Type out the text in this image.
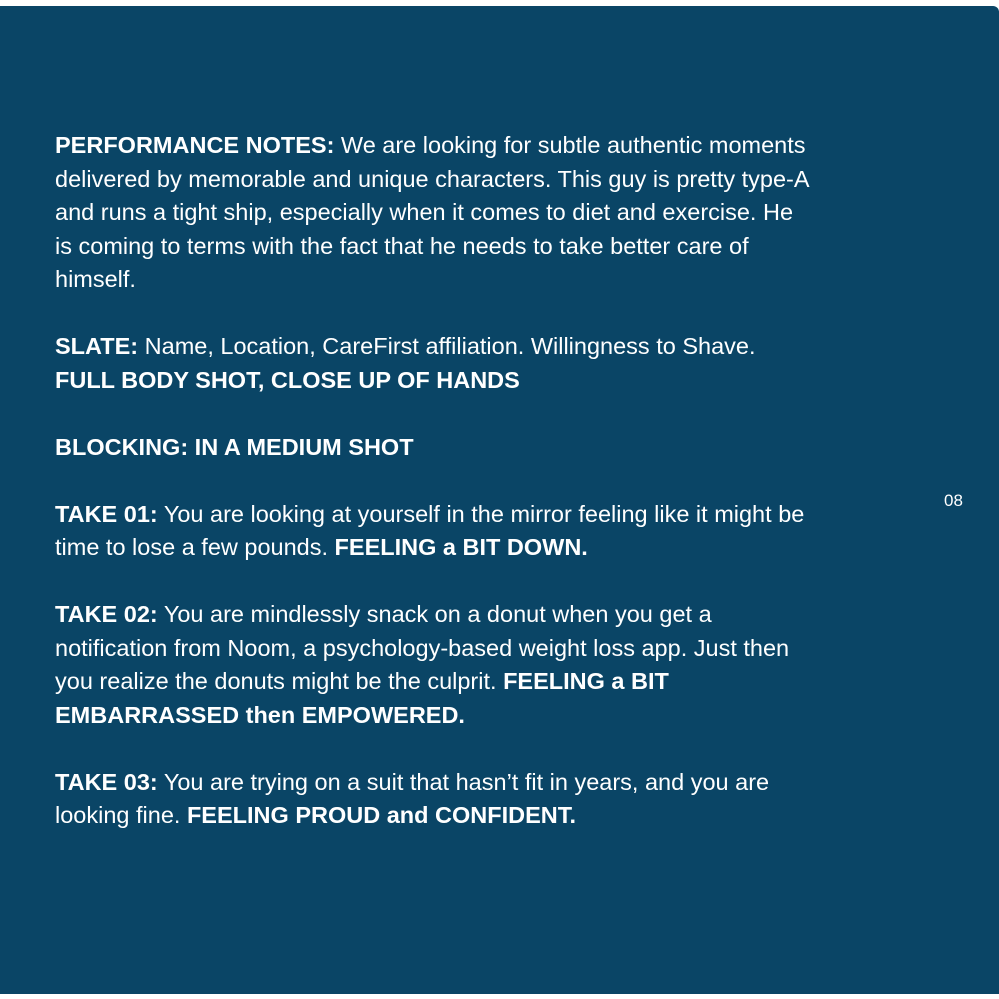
PERFORMANCE NOTES: We are looking for subtle authentic moments delivered by memorable and unique characters. This guy is pretty type-A and runs a tight ship, especially when it comes to diet and exercise. He is coming to terms with the fact that he needs to take better care of himself.

SLATE: Name, Location, CareFirst affiliation. Willingness to Shave.

FULL BODY SHOT, CLOSE UP OF HANDS

BLOCKING: IN A MEDIUM SHOT

TAKE 01: You are looking at yourself in the mirror feeling like it might be time to lose a few pounds. FEELING a BIT DOWN.

TAKE 02: You are mindlessly snack on a donut when you get a notification from Noom, a psychology-based weight loss app. Just then you realize the donuts might be the culprit. FEELING a BIT EMBARRASSED then EMPOWERED.

TAKE 03: You are trying on a suit that hasn’t fit in years, and you are looking fine. FEELING PROUD and CONFIDENT.

08
